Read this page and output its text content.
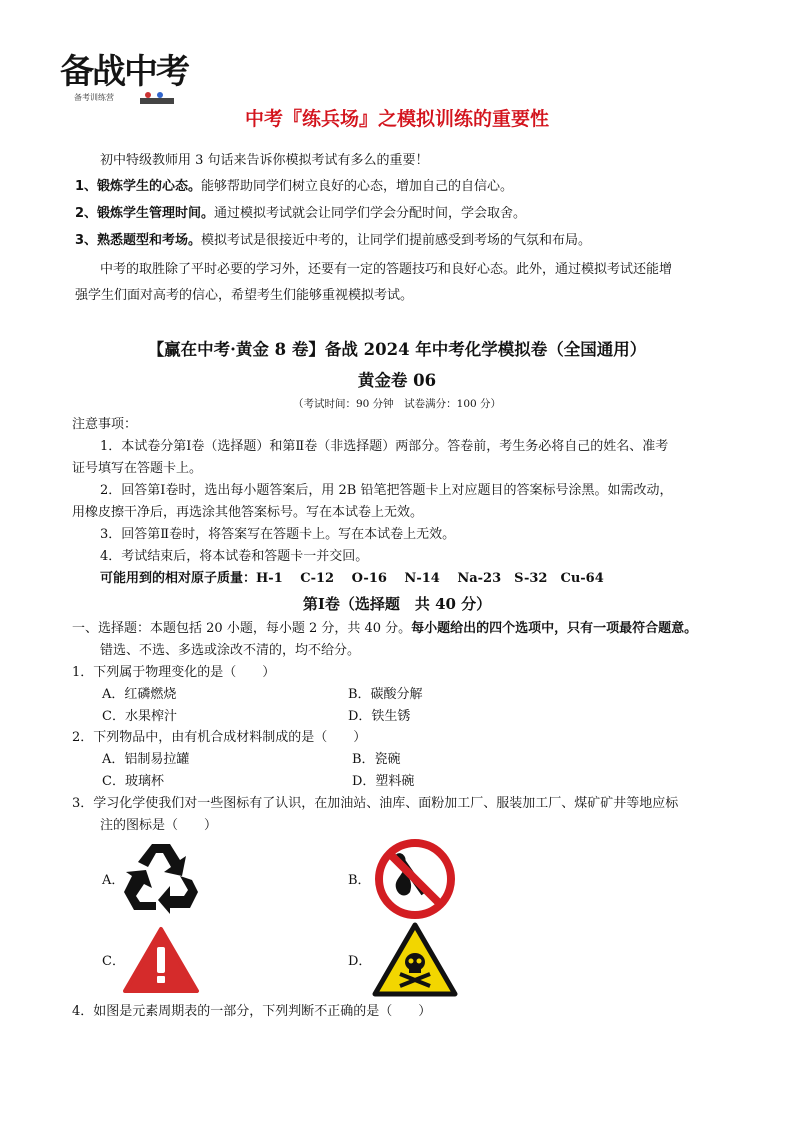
备战中考
备考训练营
中考『练兵场』之模拟训练的重要性
初中特级教师用 3 句话来告诉你模拟考试有多么的重要！
1、锻炼学生的心态。能够帮助同学们树立良好的心态，增加自己的自信心。
2、锻炼学生管理时间。通过模拟考试就会让同学们学会分配时间，学会取舍。
3、熟悉题型和考场。模拟考试是很接近中考的，让同学们提前感受到考场的气氛和布局。
中考的取胜除了平时必要的学习外，还要有一定的答题技巧和良好心态。此外，通过模拟考试还能增
强学生们面对高考的信心，希望考生们能够重视模拟考试。
【赢在中考·黄金 8 卷】备战 2024 年中考化学模拟卷（全国通用）
黄金卷 06
（考试时间：90 分钟　试卷满分：100 分）
注意事项：
1．本试卷分第Ⅰ卷（选择题）和第Ⅱ卷（非选择题）两部分。答卷前，考生务必将自己的姓名、准考
证号填写在答题卡上。
2．回答第Ⅰ卷时，选出每小题答案后，用 2B 铅笔把答题卡上对应题目的答案标号涂黑。如需改动，
用橡皮擦干净后，再选涂其他答案标号。写在本试卷上无效。
3．回答第Ⅱ卷时，将答案写在答题卡上。写在本试卷上无效。
4．考试结束后，将本试卷和答题卡一并交回。
可能用到的相对原子质量：H-1　 C-12　 O-16　 N-14　 Na-23　S-32　Cu-64
第Ⅰ卷（选择题　共 40 分）
一、选择题：本题包括 20 小题，每小题 2 分，共 40 分。每小题给出的四个选项中，只有一项最符合题意。
错选、不选、多选或涂改不清的，均不给分。
1．下列属于物理变化的是（　　）
A．红磷燃烧	B．碳酸分解
C．水果榨汁	D．铁生锈
2．下列物品中，由有机合成材料制成的是（　　）
A．铝制易拉罐	B．瓷碗
C．玻璃杯	D．塑料碗
3．学习化学使我们对一些图标有了认识，在加油站、油库、面粉加工厂、服装加工厂、煤矿矿井等地应标
注的图标是（　　）
A．	B．
C．	D．
4．如图是元素周期表的一部分，下列判断不正确的是（　　）
